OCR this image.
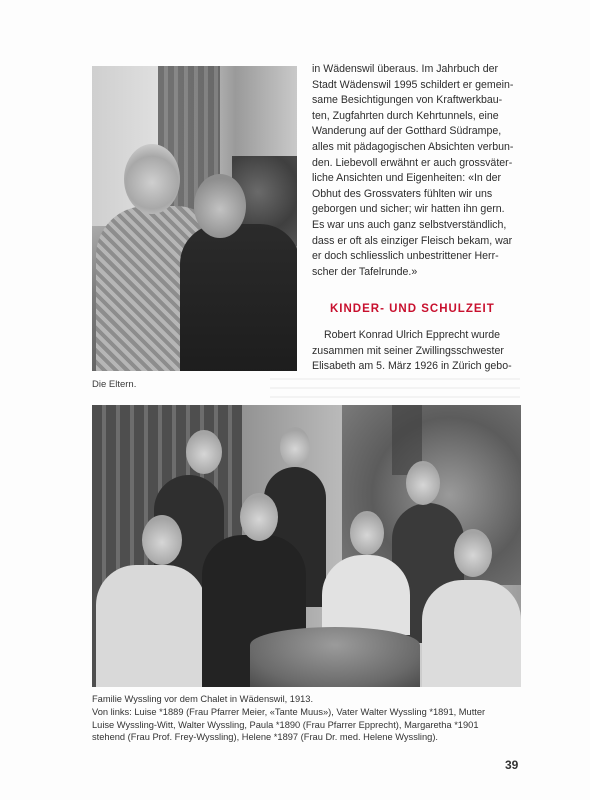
Die Eltern.

in Wädenswil überaus. Im Jahrbuch der

Stadt Wädenswil 1995 schildert er gemein-

same Besichtigungen von Kraftwerkbau-

ten, Zugfahrten durch Kehrtunnels, eine

Wanderung auf der Gotthard Südrampe,

alles mit pädagogischen Absichten verbun-

den. Liebevoll erwähnt er auch grossväter-

liche Ansichten und Eigenheiten: «In der

Obhut des Grossvaters fühlten wir uns

geborgen und sicher; wir hatten ihn gern.

Es war uns auch ganz selbstverständlich,

dass er oft als einziger Fleisch bekam, war

er doch schliesslich unbestrittener Herr-

scher der Tafelrunde.»

KINDER- UND SCHULZEIT

Robert Konrad Ulrich Epprecht wurde

zusammen mit seiner Zwillingsschwester

Elisabeth am 5. März 1926 in Zürich gebo-

Familie Wyssling vor dem Chalet in Wädenswil, 1913.
Von links: Luise *1889 (Frau Pfarrer Meier, «Tante Muus»), Vater Walter Wyssling *1891, Mutter
Luise Wyssling-Witt, Walter Wyssling, Paula *1890 (Frau Pfarrer Epprecht), Margaretha *1901
stehend (Frau Prof. Frey-Wyssling), Helene *1897 (Frau Dr. med. Helene Wyssling).
39
